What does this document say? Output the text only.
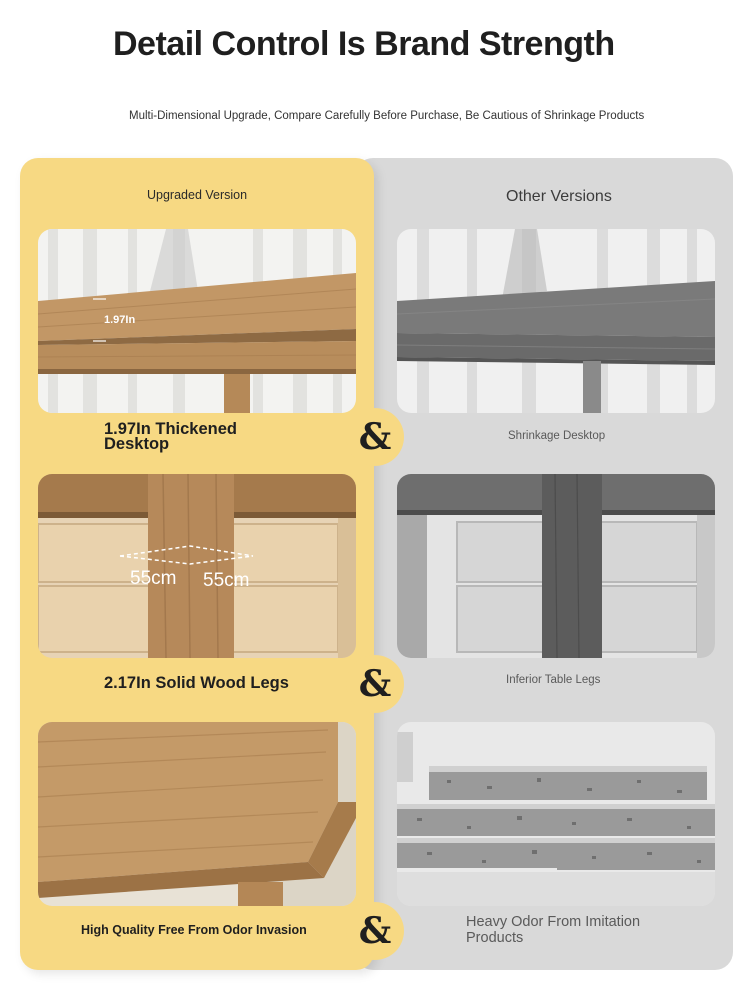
Detail Control Is Brand Strength
Multi-Dimensional Upgrade, Compare Carefully Before Purchase, Be Cautious of Shrinkage Products
Upgraded Version	Other Versions
1.97In
1.97In Thickened Desktop	&	Shrinkage Desktop
55cm 55cm
2.17In Solid Wood Legs	&	Inferior Table Legs
High Quality Free From Odor Invasion	&	Heavy Odor From Imitation Products
